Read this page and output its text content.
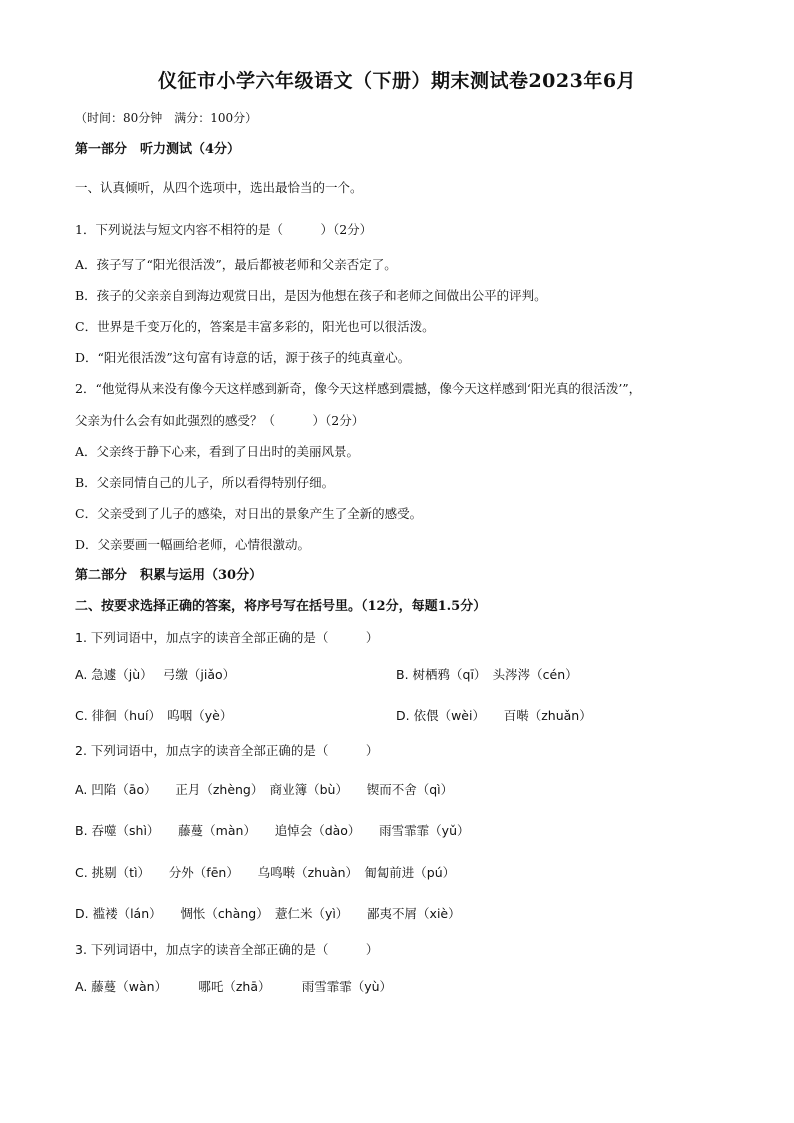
仪征市小学六年级语文（下册）期末测试卷2023年6月
（时间：80分钟　满分：100分）
第一部分　听力测试（4分）
一、认真倾听，从四个选项中，选出最恰当的一个。
1．下列说法与短文内容不相符的是（　　　）（2分）
A．孩子写了“阳光很活泼”，最后都被老师和父亲否定了。
B．孩子的父亲亲自到海边观赏日出，是因为他想在孩子和老师之间做出公平的评判。
C．世界是千变万化的，答案是丰富多彩的，阳光也可以很活泼。
D．“阳光很活泼”这句富有诗意的话，源于孩子的纯真童心。
2．“他觉得从来没有像今天这样感到新奇，像今天这样感到震撼，像今天这样感到‘阳光真的很活泼’”，
父亲为什么会有如此强烈的感受？（　　　）（2分）
A．父亲终于静下心来，看到了日出时的美丽风景。
B．父亲同情自己的儿子，所以看得特别仔细。
C．父亲受到了儿子的感染，对日出的景象产生了全新的感受。
D．父亲要画一幅画给老师，心情很激动。
第二部分　积累与运用（30分）
二、按要求选择正确的答案，将序号写在括号里。（12分，每题1.5分）
1. 下列词语中，加点字的读音全部正确的是（　　　）
A. 急遽（jù）　 弓缴（jiǎo）	B. 树栖鸦（qī）　头涔涔（cén）
C. 徘徊（huí）　呜咽（yè）	D. 依偎（wèi）　　百啭（zhuǎn）
2. 下列词语中，加点字的读音全部正确的是（　　　）
A. 凹陷（āo）　　正月（zhèng）　商业簿（bù）　　锲而不舍（qì）
B. 吞噬（shì）　　藤蔓（màn）　　追悼会（dào）　　雨雪霏霏（yǔ）
C. 挑剔（tì）　　分外（fēn）　　乌鸣啭（zhuàn）　匍匐前进（pú）
D. 褴褛（lán）　　惆怅（chàng）　薏仁米（yì）　　鄙夷不屑（xiè）
3. 下列词语中，加点字的读音全部正确的是（　　　）
A. 藤蔓（wàn）　　　哪吒（zhā）　　　雨雪霏霏（yù）
